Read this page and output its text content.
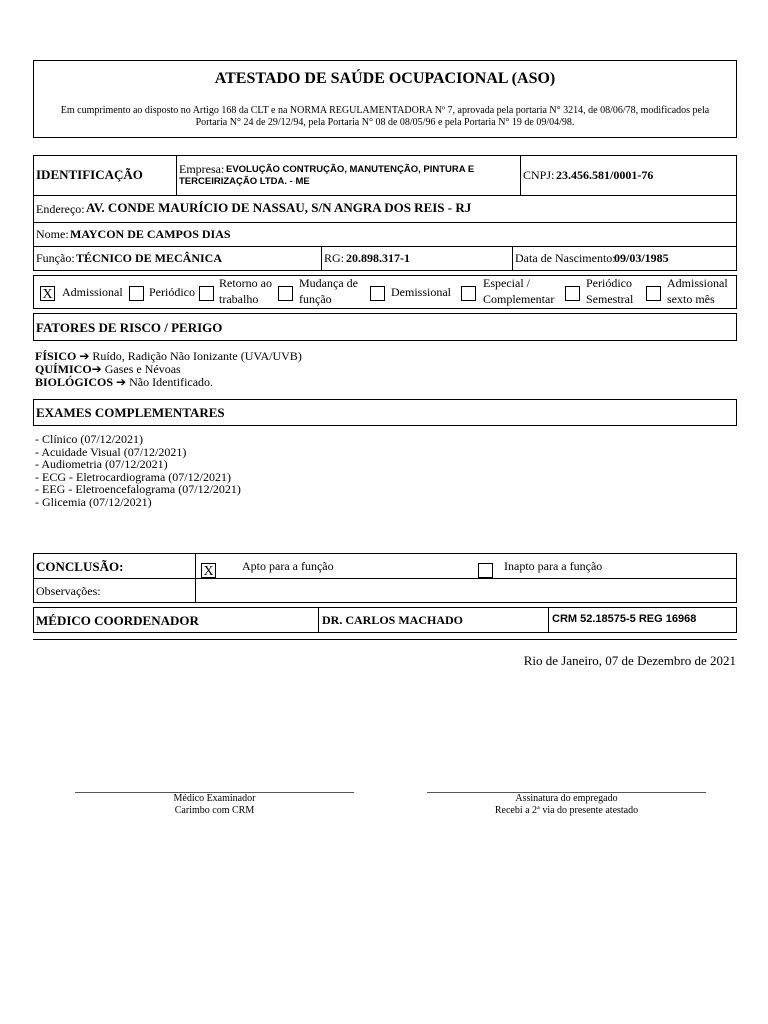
ATESTADO DE SAÚDE OCUPACIONAL (ASO)
Em cumprimento ao disposto no Artigo 168 da CLT e na NORMA REGULAMENTADORA Nº 7, aprovada pela portaria N° 3214, de 08/06/78, modificados pela
Portaria N° 24 de 29/12/94, pela Portaria N° 08 de 08/05/96 e pela Portaria N° 19 de 09/04/98.
IDENTIFICAÇÃO	Empresa: EVOLUÇÃO CONTRUÇÃO, MANUTENÇÃO, PINTURA E
TERCEIRIZAÇÃO LTDA. - ME	CNPJ: 23.456.581/0001-76
Endereço: AV. CONDE MAURÍCIO DE NASSAU, S/N ANGRA DOS REIS - RJ
Nome: MAYCON DE CAMPOS DIAS
Função: TÉCNICO DE MECÂNICA	RG: 20.898.317-1	Data de Nascimento:
09/03/1985
X Admissional Periódico
Retorno ao
trabalho
Mudança de
função	Demissional
Especial /
Complementar
Periódico
Semestral
Admissional
sexto mês
FATORES DE RISCO / PERIGO
FÍSICO ➔ Ruído, Radição Não Ionizante (UVA/UVB)
QUÍMICO➔ Gases e Névoas
BIOLÓGICOS ➔ Não Identificado.
EXAMES COMPLEMENTARES
- Clínico (07/12/2021)
- Acuidade Visual (07/12/2021)
- Audiometria (07/12/2021)
- ECG - Eletrocardiograma (07/12/2021)
- EEG - Eletroencefalograma (07/12/2021)
- Glicemia (07/12/2021)
CONCLUSÃO:	X Apto para a função	Inapto para a função
Observações:
MÉDICO COORDENADOR	DR. CARLOS MACHADO	CRM 52.18575-5 REG 16968
Rio de Janeiro, 07 de Dezembro de 2021
Médico Examinador
Carimbo com CRM
Assinatura do empregado
Recebi a 2ª via do presente atestado
